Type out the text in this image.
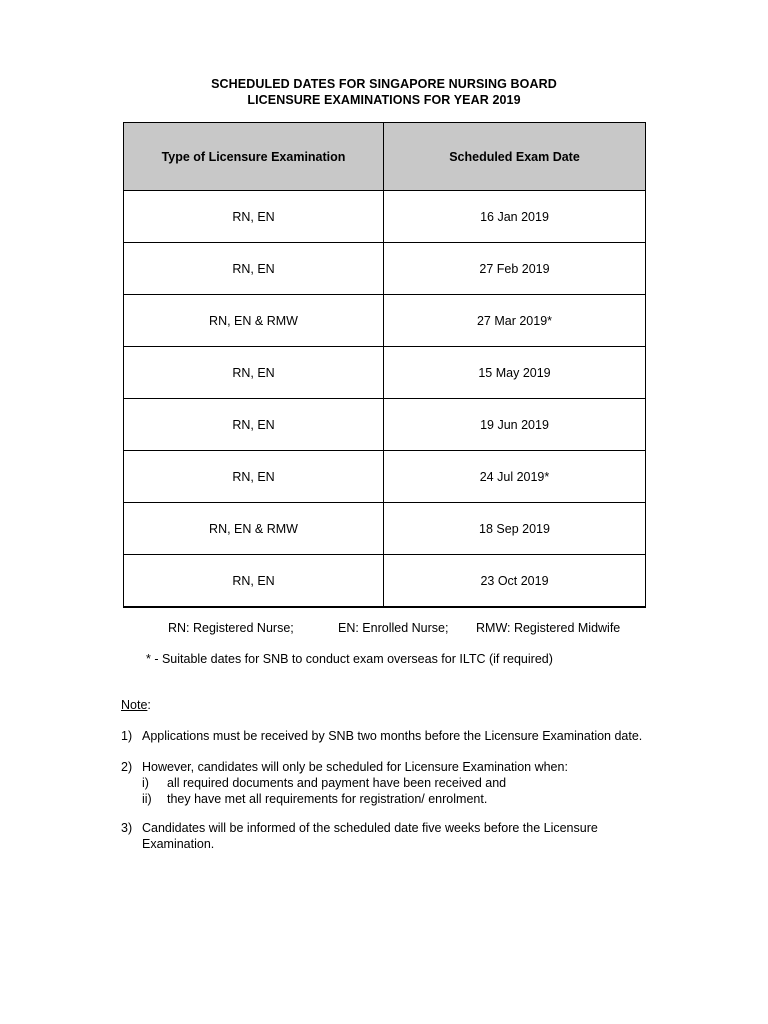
SCHEDULED DATES FOR SINGAPORE NURSING BOARD
LICENSURE EXAMINATIONS FOR YEAR 2019
Type of Licensure Examination	Scheduled Exam Date
RN, EN	16 Jan 2019
RN, EN	27 Feb 2019
RN, EN & RMW	27 Mar 2019*
RN, EN	15 May 2019
RN, EN	19 Jun 2019
RN, EN	24 Jul 2019*
RN, EN & RMW	18 Sep 2019
RN, EN	23 Oct 2019
RN: Registered Nurse;	EN: Enrolled Nurse; RMW: Registered Midwife
* - Suitable dates for SNB to conduct exam overseas for ILTC (if required)
Note:
1) Applications must be received by SNB two months before the Licensure Examination date.
2) However, candidates will only be scheduled for Licensure Examination when:
i) all required documents and payment have been received and
ii) they have met all requirements for registration/ enrolment.
3) Candidates will be informed of the scheduled date five weeks before the Licensure
Examination.
